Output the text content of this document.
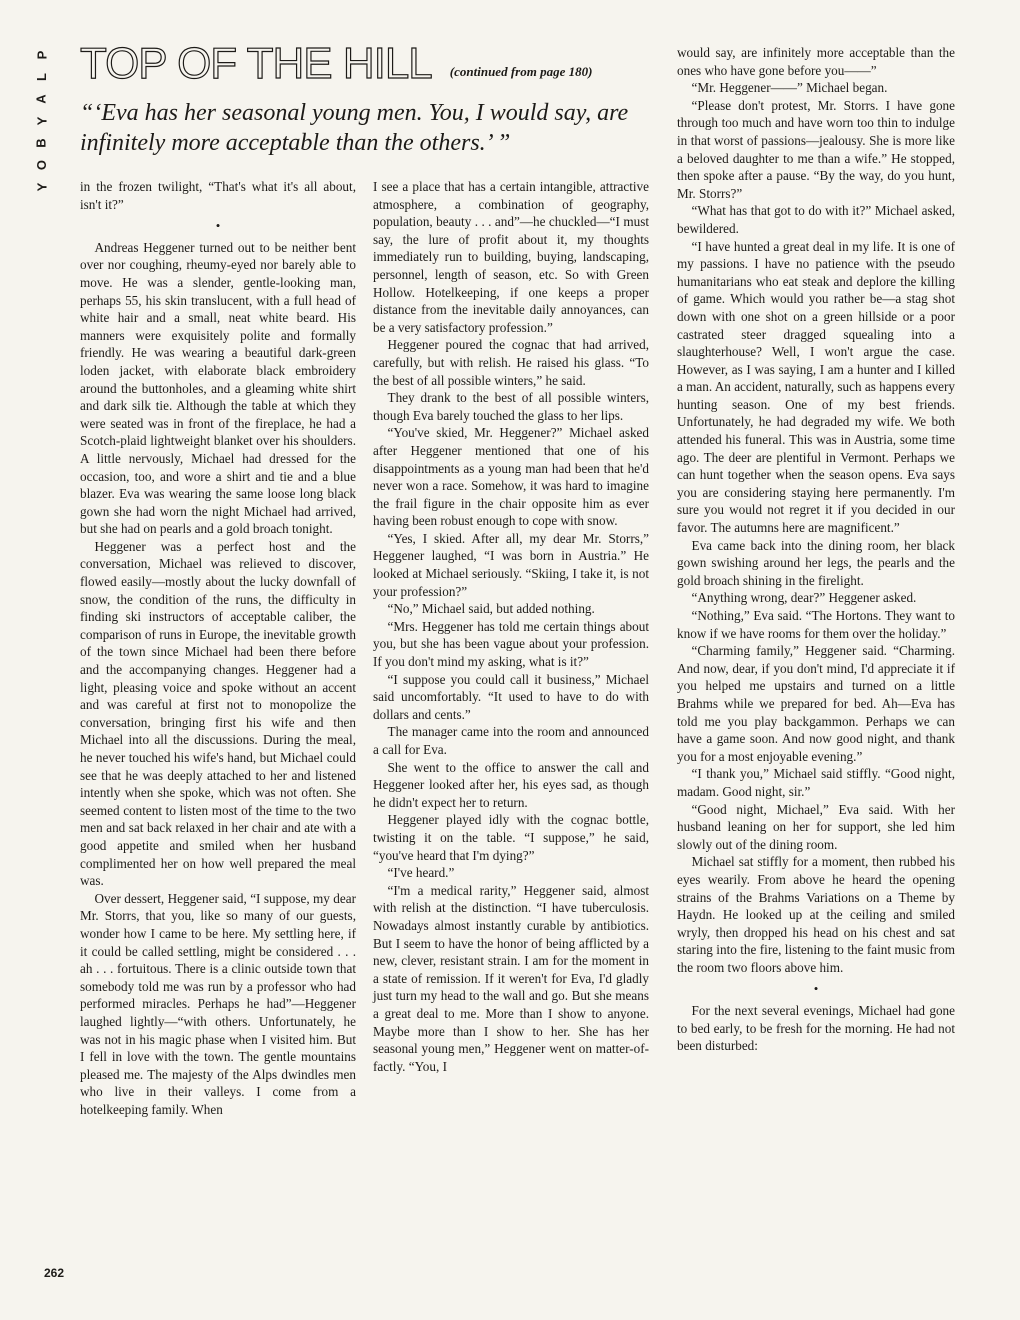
P
L
A
Y
B
O
Y
TOP OF THE HILL (continued from page 180)
“‘Eva has her seasonal young men. You, I would say, are infinitely more acceptable than the others.’ ”

in the frozen twilight, “That's what it's all about, isn't it?”

•

Andreas Heggener turned out to be neither bent over nor coughing, rheumy-eyed nor barely able to move. He was a slender, gentle-looking man, perhaps 55, his skin translucent, with a full head of white hair and a small, neat white beard. His manners were exquisitely polite and formally friendly. He was wearing a beautiful dark-green loden jacket, with elaborate black embroidery around the buttonholes, and a gleaming white shirt and dark silk tie. Although the table at which they were seated was in front of the fireplace, he had a Scotch-plaid lightweight blanket over his shoulders. A little nervously, Michael had dressed for the occasion, too, and wore a shirt and tie and a blue blazer. Eva was wearing the same loose long black gown she had worn the night Michael had arrived, but she had on pearls and a gold broach tonight.

Heggener was a perfect host and the conversation, Michael was relieved to discover, flowed easily—mostly about the lucky downfall of snow, the condition of the runs, the difficulty in finding ski instructors of acceptable caliber, the comparison of runs in Europe, the inevitable growth of the town since Michael had been there before and the accompanying changes. Heggener had a light, pleasing voice and spoke without an accent and was careful at first not to monopolize the conversation, bringing first his wife and then Michael into all the discussions. During the meal, he never touched his wife's hand, but Michael could see that he was deeply attached to her and listened intently when she spoke, which was not often. She seemed content to listen most of the time to the two men and sat back relaxed in her chair and ate with a good appetite and smiled when her husband complimented her on how well prepared the meal was.

Over dessert, Heggener said, “I suppose, my dear Mr. Storrs, that you, like so many of our guests, wonder how I came to be here. My settling here, if it could be called settling, might be considered . . . ah . . . fortuitous. There is a clinic outside town that somebody told me was run by a professor who had performed miracles. Perhaps he had”—Heggener laughed lightly—“with others. Unfortunately, he was not in his magic phase when I visited him. But I fell in love with the town. The gentle mountains pleased me. The majesty of the Alps dwindles men who live in their valleys. I come from a hotelkeeping family. When

I see a place that has a certain intangible, attractive atmosphere, a combination of geography, population, beauty . . . and”—he chuckled—“I must say, the lure of profit about it, my thoughts immediately run to building, buying, landscaping, personnel, length of season, etc. So with Green Hollow. Hotelkeeping, if one keeps a proper distance from the inevitable daily annoyances, can be a very satisfactory profession.”

Heggener poured the cognac that had arrived, carefully, but with relish. He raised his glass. “To the best of all possible winters,” he said.

They drank to the best of all possible winters, though Eva barely touched the glass to her lips.

“You've skied, Mr. Heggener?” Michael asked after Heggener mentioned that one of his disappointments as a young man had been that he'd never won a race. Somehow, it was hard to imagine the frail figure in the chair opposite him as ever having been robust enough to cope with snow.

“Yes, I skied. After all, my dear Mr. Storrs,” Heggener laughed, “I was born in Austria.” He looked at Michael seriously. “Skiing, I take it, is not your profession?”

“No,” Michael said, but added nothing.

“Mrs. Heggener has told me certain things about you, but she has been vague about your profession. If you don't mind my asking, what is it?”

“I suppose you could call it business,” Michael said uncomfortably. “It used to have to do with dollars and cents.”

The manager came into the room and announced a call for Eva.

She went to the office to answer the call and Heggener looked after her, his eyes sad, as though he didn't expect her to return.

Heggener played idly with the cognac bottle, twisting it on the table. “I suppose,” he said, “you've heard that I'm dying?”

“I've heard.”

“I'm a medical rarity,” Heggener said, almost with relish at the distinction. “I have tuberculosis. Nowadays almost instantly curable by antibiotics. But I seem to have the honor of being afflicted by a new, clever, resistant strain. I am for the moment in a state of remission. If it weren't for Eva, I'd gladly just turn my head to the wall and go. But she means a great deal to me. More than I show to anyone. Maybe more than I show to her. She has her seasonal young men,” Heggener went on matter-of-factly. “You, I

would say, are infinitely more acceptable than the ones who have gone before you——”

“Mr. Heggener——” Michael began.

“Please don't protest, Mr. Storrs. I have gone through too much and have worn too thin to indulge in that worst of passions—jealousy. She is more like a beloved daughter to me than a wife.” He stopped, then spoke after a pause. “By the way, do you hunt, Mr. Storrs?”

“What has that got to do with it?” Michael asked, bewildered.

“I have hunted a great deal in my life. It is one of my passions. I have no patience with the pseudo humanitarians who eat steak and deplore the killing of game. Which would you rather be—a stag shot down with one shot on a green hillside or a poor castrated steer dragged squealing into a slaughterhouse? Well, I won't argue the case. However, as I was saying, I am a hunter and I killed a man. An accident, naturally, such as happens every hunting season. One of my best friends. Unfortunately, he had degraded my wife. We both attended his funeral. This was in Austria, some time ago. The deer are plentiful in Vermont. Perhaps we can hunt together when the season opens. Eva says you are considering staying here permanently. I'm sure you would not regret it if you decided in our favor. The autumns here are magnificent.”

Eva came back into the dining room, her black gown swishing around her legs, the pearls and the gold broach shining in the firelight.

“Anything wrong, dear?” Heggener asked.

“Nothing,” Eva said. “The Hortons. They want to know if we have rooms for them over the holiday.”

“Charming family,” Heggener said. “Charming. And now, dear, if you don't mind, I'd appreciate it if you helped me upstairs and turned on a little Brahms while we prepared for bed. Ah—Eva has told me you play backgammon. Perhaps we can have a game soon. And now good night, and thank you for a most enjoyable evening.”

“I thank you,” Michael said stiffly. “Good night, madam. Good night, sir.”

“Good night, Michael,” Eva said. With her husband leaning on her for support, she led him slowly out of the dining room.

Michael sat stiffly for a moment, then rubbed his eyes wearily. From above he heard the opening strains of the Brahms Variations on a Theme by Haydn. He looked up at the ceiling and smiled wryly, then dropped his head on his chest and sat staring into the fire, listening to the faint music from the room two floors above him.

•

For the next several evenings, Michael had gone to bed early, to be fresh for the morning. He had not been disturbed:

262
